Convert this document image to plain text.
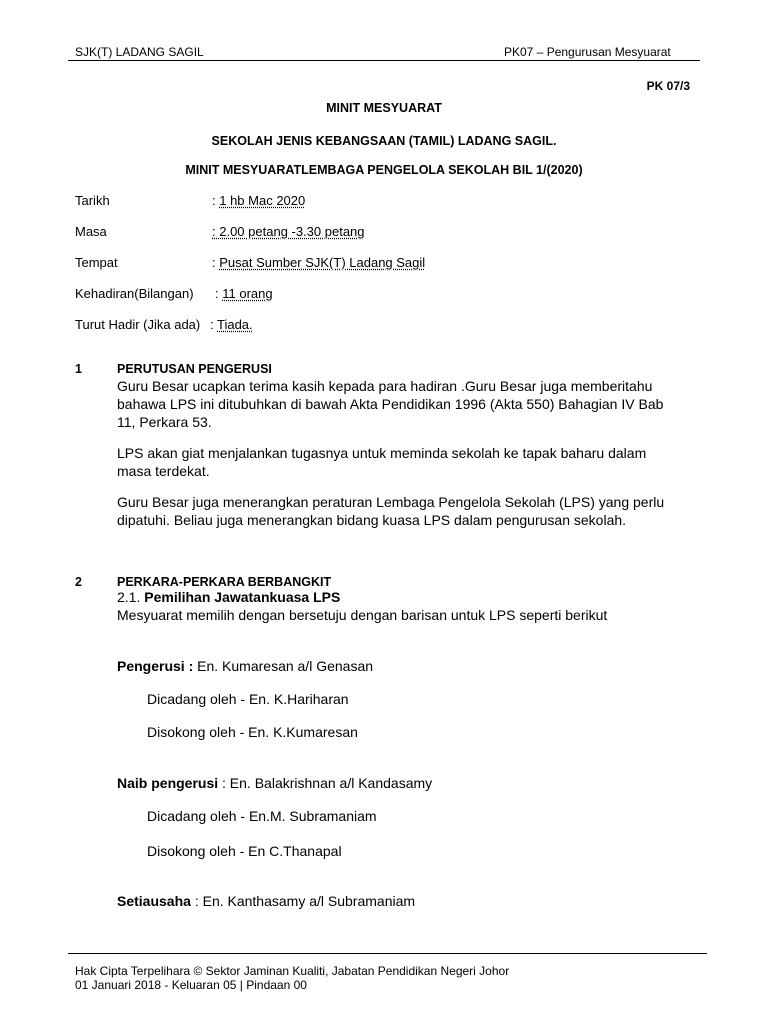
SJK(T) LADANG SAGIL	PK07 – Pengurusan Mesyuarat
PK 07/3
MINIT MESYUARAT
SEKOLAH JENIS KEBANGSAAN (TAMIL) LADANG SAGIL.
MINIT MESYUARATLEMBAGA PENGELOLA SEKOLAH BIL 1/(2020)
Tarikh	: 1 hb Mac 2020
Masa	: 2.00 petang -3.30 petang
Tempat	: Pusat Sumber SJK(T) Ladang Sagil
Kehadiran(Bilangan) : 11 orang
Turut Hadir (Jika ada) : Tiada.
1	PERUTUSAN PENGERUSI
Guru Besar ucapkan terima kasih kepada para hadiran .Guru Besar juga memberitahu bahawa LPS ini ditubuhkan di bawah Akta Pendidikan 1996 (Akta 550) Bahagian IV Bab 11, Perkara 53.
LPS akan giat menjalankan tugasnya untuk meminda sekolah ke tapak baharu dalam masa terdekat.
Guru Besar juga menerangkan peraturan Lembaga Pengelola Sekolah (LPS) yang perlu dipatuhi. Beliau juga menerangkan bidang kuasa LPS dalam pengurusan sekolah.
2	PERKARA-PERKARA BERBANGKIT
2.1. Pemilihan Jawatankuasa LPS
Mesyuarat memilih dengan bersetuju dengan barisan untuk LPS seperti berikut
Pengerusi : En. Kumaresan a/l Genasan
Dicadang oleh - En. K.Hariharan
Disokong oleh - En. K.Kumaresan
Naib pengerusi : En. Balakrishnan a/l Kandasamy
Dicadang oleh - En.M. Subramaniam
Disokong oleh - En C.Thanapal
Setiausaha : En. Kanthasamy a/l Subramaniam
Hak Cipta Terpelihara © Sektor Jaminan Kualiti, Jabatan Pendidikan Negeri Johor
01 Januari 2018 - Keluaran 05 | Pindaan 00
